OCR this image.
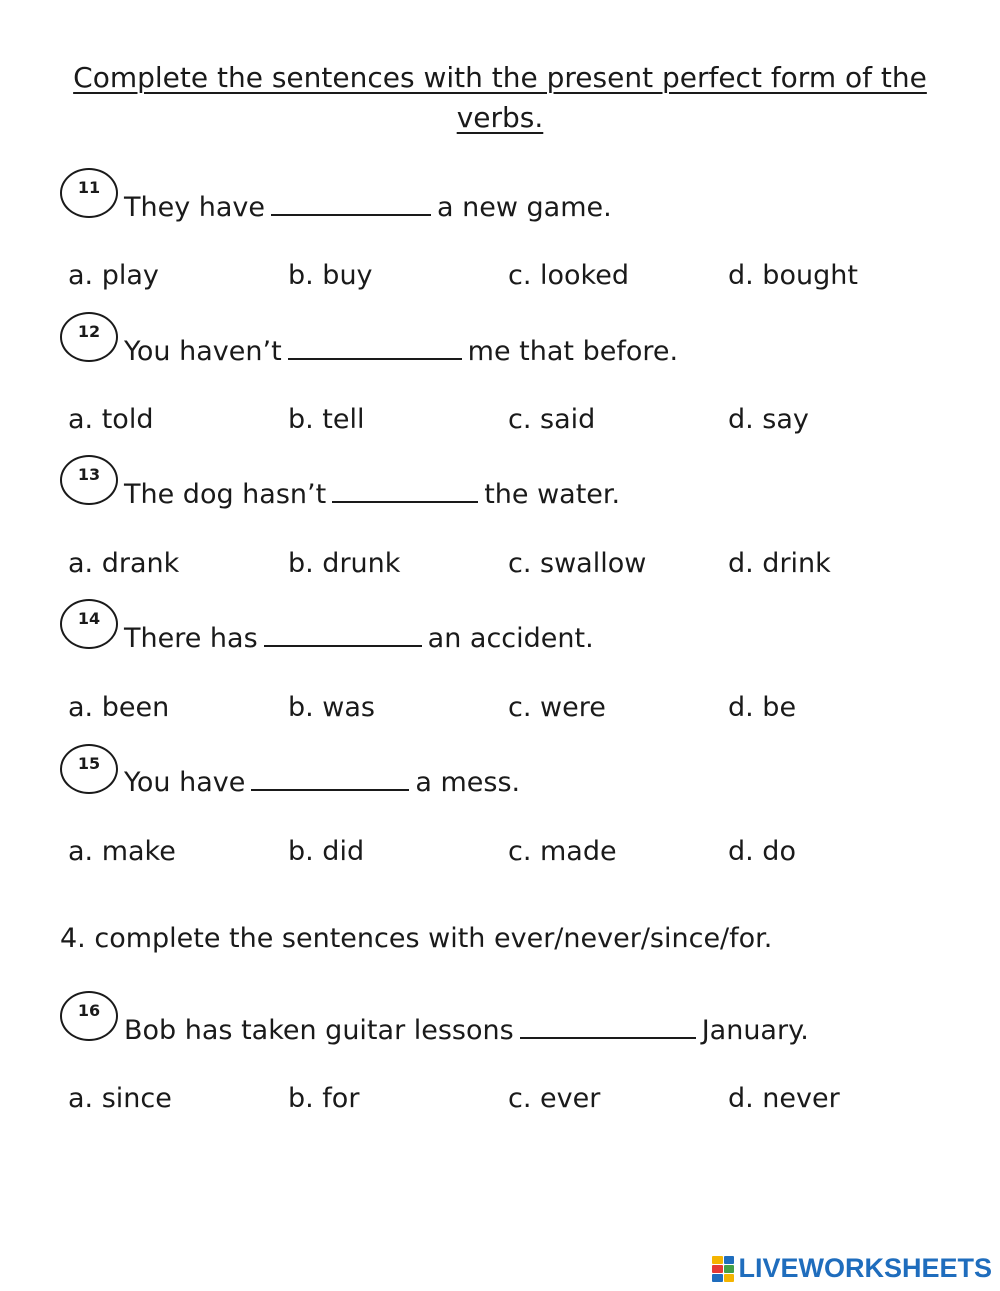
Complete the sentences with the present perfect form of the
verbs.
11
They have	a new game.
a. play	b. buy	c. looked	d. bought
12
You haven’t	me that before.
a. told	b. tell	c. said	d. say
13
The dog hasn’t	the water.
a. drank	b. drunk	c. swallow	d. drink
14
There has	an accident.
a. been	b. was	c. were	d. be
15
You have	a mess.
a. make	b. did	c. made	d. do
4. complete the sentences with ever/never/since/for.
16
Bob has taken guitar lessons	January.
a. since	b. for	c. ever	d. never
LIVEWORKSHEETS
